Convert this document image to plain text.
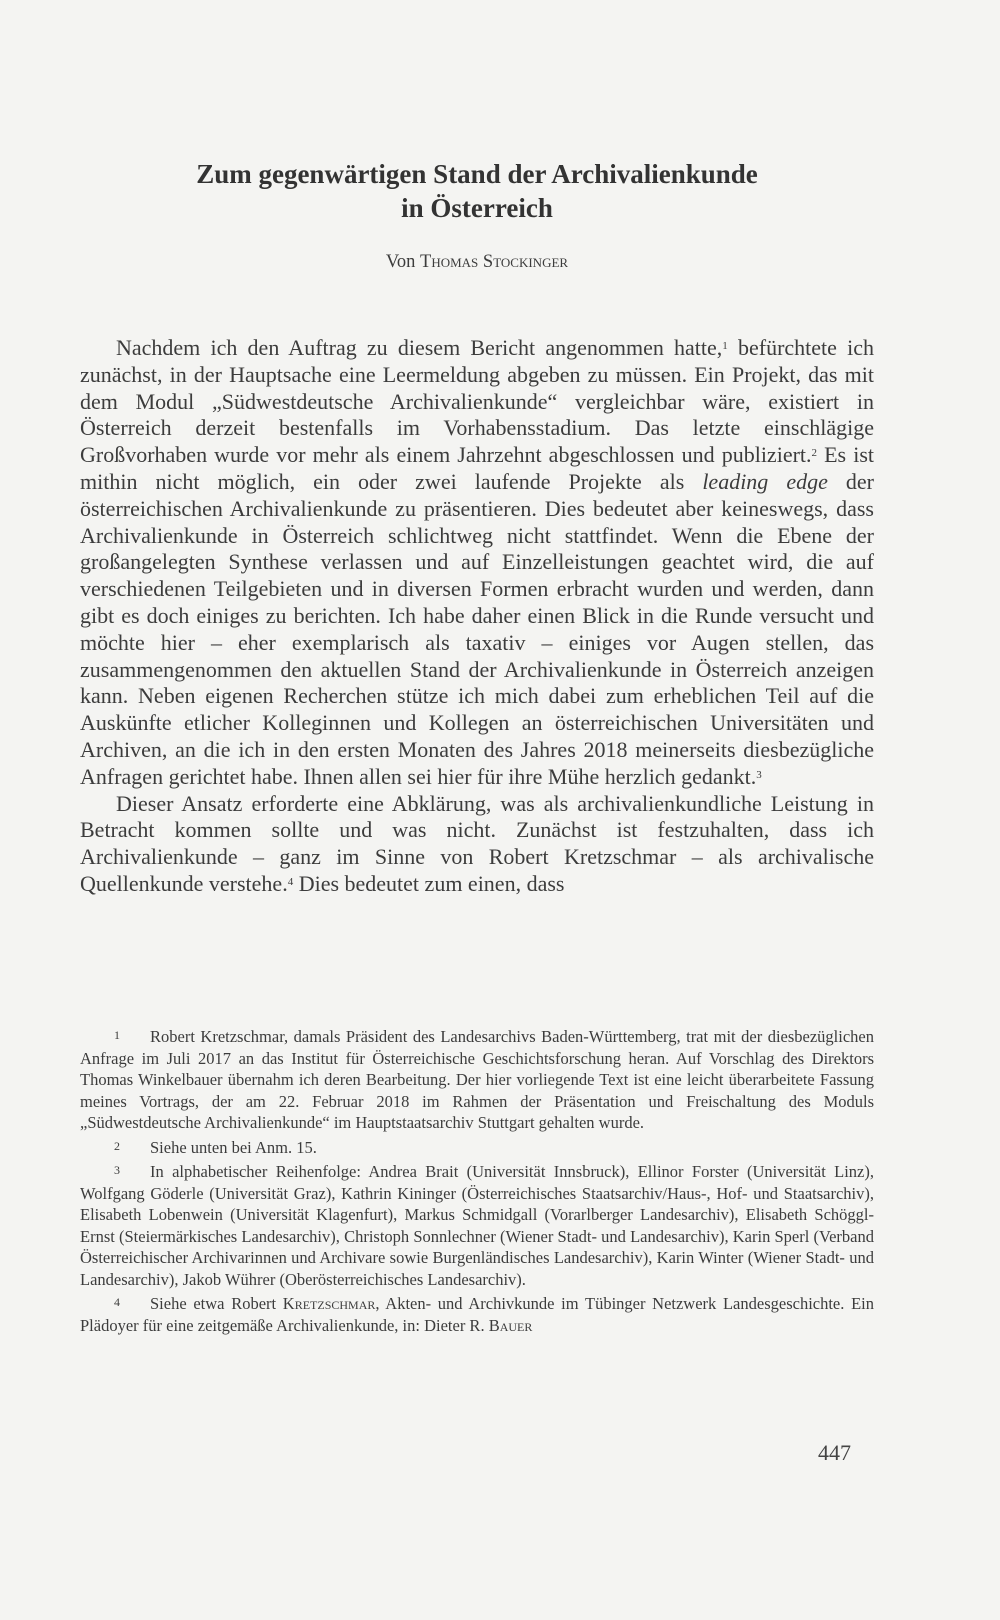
Zum gegenwärtigen Stand der Archivalienkunde
in Österreich
Von Thomas Stockinger

Nachdem ich den Auftrag zu diesem Bericht angenommen hatte,$^1$ befürchtete ich zunächst, in der Hauptsache eine Leermeldung abgeben zu müssen. Ein Projekt, das mit dem Modul „Südwestdeutsche Archivalienkunde“ vergleichbar wäre, existiert in Österreich derzeit bestenfalls im Vorhabensstadium. Das letzte einschlägige Großvorhaben wurde vor mehr als einem Jahrzehnt abgeschlossen und publiziert.$^2$ Es ist mithin nicht möglich, ein oder zwei laufende Projekte als leading edge der österreichischen Archivalienkunde zu präsentieren. Dies bedeutet aber keineswegs, dass Archivalienkunde in Österreich schlichtweg nicht stattfindet. Wenn die Ebene der großangelegten Synthese verlassen und auf Einzelleistungen geachtet wird, die auf verschiedenen Teilgebieten und in diversen Formen erbracht wurden und werden, dann gibt es doch einiges zu berichten. Ich habe daher einen Blick in die Runde versucht und möchte hier – eher exemplarisch als taxativ – einiges vor Augen stellen, das zusammengenommen den aktuellen Stand der Archivalienkunde in Österreich anzeigen kann. Neben eigenen Recherchen stütze ich mich dabei zum erheblichen Teil auf die Auskünfte etlicher Kolleginnen und Kollegen an österreichischen Universitäten und Archiven, an die ich in den ersten Monaten des Jahres 2018 meinerseits diesbezügliche Anfragen gerichtet habe. Ihnen allen sei hier für ihre Mühe herzlich gedankt.$^3$

Dieser Ansatz erforderte eine Abklärung, was als archivalienkundliche Leistung in Betracht kommen sollte und was nicht. Zunächst ist festzuhalten, dass ich Archivalienkunde – ganz im Sinne von Robert Kretzschmar – als archivalische Quellenkunde verstehe.$^4$ Dies bedeutet zum einen, dass

1 Robert Kretzschmar, damals Präsident des Landesarchivs Baden-Württemberg, trat mit der diesbezüglichen Anfrage im Juli 2017 an das Institut für Österreichische Geschichtsforschung heran. Auf Vorschlag des Direktors Thomas Winkelbauer übernahm ich deren Bearbeitung. Der hier vorliegende Text ist eine leicht überarbeitete Fassung meines Vortrags, der am 22. Februar 2018 im Rahmen der Präsentation und Freischaltung des Moduls „Südwestdeutsche Archivalienkunde“ im Hauptstaatsarchiv Stuttgart gehalten wurde.
2 Siehe unten bei Anm. 15.
3 In alphabetischer Reihenfolge: Andrea Brait (Universität Innsbruck), Ellinor Forster (Universität Linz), Wolfgang Göderle (Universität Graz), Kathrin Kininger (Österreichisches Staatsarchiv/Haus-, Hof- und Staatsarchiv), Elisabeth Lobenwein (Universität Klagenfurt), Markus Schmidgall (Vorarlberger Landesarchiv), Elisabeth Schöggl-Ernst (Steiermärkisches Landesarchiv), Christoph Sonnlechner (Wiener Stadt- und Landesarchiv), Karin Sperl (Verband Österreichischer Archivarinnen und Archivare sowie Burgenländisches Landesarchiv), Karin Winter (Wiener Stadt- und Landesarchiv), Jakob Wührer (Oberösterreichisches Landesarchiv).
4 Siehe etwa Robert Kretzschmar, Akten- und Archivkunde im Tübinger Netzwerk Landesgeschichte. Ein Plädoyer für eine zeitgemäße Archivalienkunde, in: Dieter R. Bauer
447
